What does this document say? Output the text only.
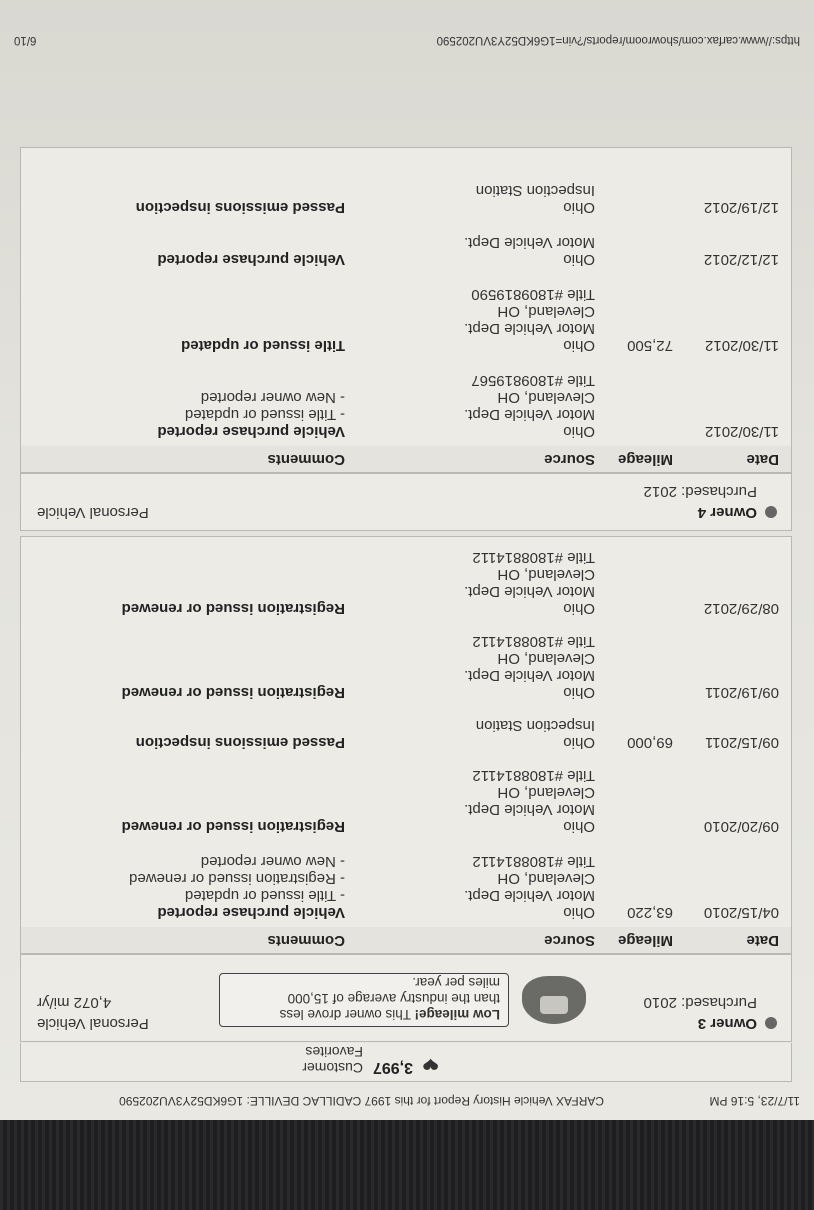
11/7/23, 5:16 PM
CARFAX Vehicle History Report for this 1997 CADILLAC DEVILLE: 1G6KD52Y3VU202590
❤
3,997
Customer
Favorites
Owner 3
Purchased: 2010
Personal Vehicle
4,072 mi/yr
Low mileage! This owner drove less
than the industry average of 15,000
miles per year.
Date
Mileage
Source
Comments
04/15/2010
63,220
Ohio
Motor Vehicle Dept.
Cleveland, OH
Title #1808814112
Vehicle purchase reported
- Title issued or updated
- Registration issued or renewed
- New owner reported
09/20/2010
Ohio
Motor Vehicle Dept.
Cleveland, OH
Title #1808814112
Registration issued or renewed
09/15/2011
69,000
Ohio
Inspection Station
Passed emissions inspection
09/19/2011
Ohio
Motor Vehicle Dept.
Cleveland, OH
Title #1808814112
Registration issued or renewed
08/29/2012
Ohio
Motor Vehicle Dept.
Cleveland, OH
Title #1808814112
Registration issued or renewed
Owner 4
Purchased: 2012
Personal Vehicle
Date
Mileage
Source
Comments
11/30/2012
Ohio
Motor Vehicle Dept.
Cleveland, OH
Title #1809819567
Vehicle purchase reported
- Title issued or updated
- New owner reported
11/30/2012
72,500
Ohio
Motor Vehicle Dept.
Cleveland, OH
Title #1809819590
Title issued or updated
12/12/2012
Ohio
Motor Vehicle Dept.
Vehicle purchase reported
12/19/2012
Ohio
Inspection Station
Passed emissions inspection
https://www.carfax.com/showroom/reports/?vin=1G6KD52Y3VU202590
6/10
